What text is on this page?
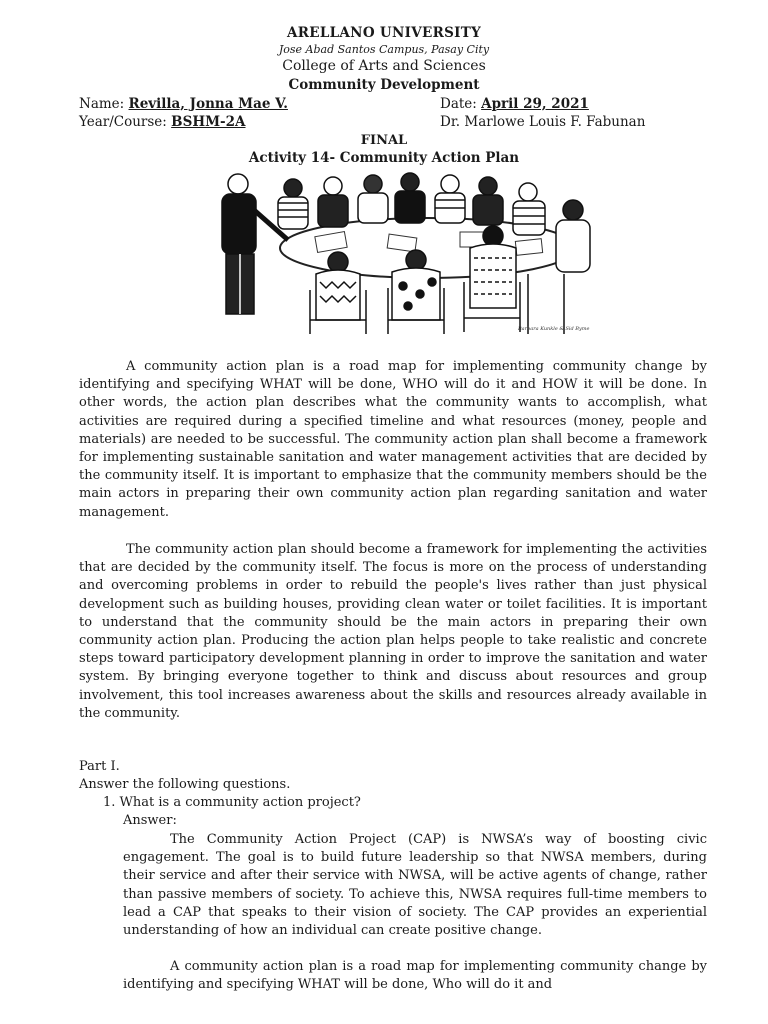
ARELLANO UNIVERSITY
Jose Abad Santos Campus, Pasay City
College of Arts and Sciences
Community Development
Name: Revilla, Jonna Mae V.	Date: April 29, 2021
Year/Course: BSHM-2A	Dr. Marlowe Louis F. Fabunan
FINAL
Activity 14- Community Action Plan
Barbara Kunkle & Sid Byme

A community action plan is a road map for implementing community change by identifying and specifying WHAT will be done, WHO will do it and HOW it will be done. In other words, the action plan describes what the community wants to accomplish, what activities are required during a specified timeline and what resources (money, people and materials) are needed to be successful. The community action plan shall become a framework for implementing sustainable sanitation and water management activities that are decided by the community itself. It is important to emphasize that the community members should be the main actors in preparing their own community action plan regarding sanitation and water management.

The community action plan should become a framework for implementing the activities that are decided by the community itself. The focus is more on the process of understanding and overcoming problems in order to rebuild the people's lives rather than just physical development such as building houses, providing clean water or toilet facilities. It is important to understand that the community should be the main actors in preparing their own community action plan. Producing the action plan helps people to take realistic and concrete steps toward participatory development planning in order to improve the sanitation and water system. By bringing everyone together to think and discuss about resources and group involvement, this tool increases awareness about the skills and resources already available in the community.

Part I.
Answer the following questions.
1. What is a community action project?
Answer:

The Community Action Project (CAP) is NWSA’s way of boosting civic engagement. The goal is to build future leadership so that NWSA members, during their service and after their service with NWSA, will be active agents of change, rather than passive members of society. To achieve this, NWSA requires full-time members to lead a CAP that speaks to their vision of society. The CAP provides an experiential understanding of how an individual can create positive change.

A community action plan is a road map for implementing community change by identifying and specifying WHAT will be done, Who will do it and
